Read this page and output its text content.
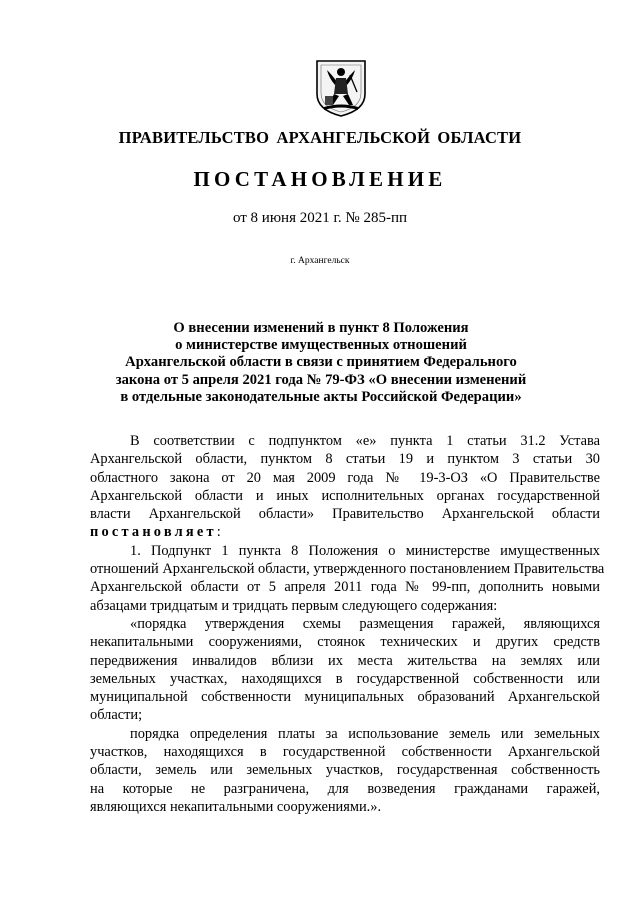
ПРАВИТЕЛЬСТВО АРХАНГЕЛЬСКОЙ ОБЛАСТИ
ПОСТАНОВЛЕНИЕ
от 8 июня 2021 г. № 285-пп
г. Архангельск
О внесении изменений в пункт 8 Положения
о министерстве имущественных отношений
Архангельской области в связи с принятием Федерального
закона от 5 апреля 2021 года № 79-ФЗ «О внесении изменений
в отдельные законодательные акты Российской Федерации»
В соответствии с подпунктом «е» пункта 1 статьи 31.2 Устава
Архангельской области, пунктом 8 статьи 19 и пунктом 3 статьи 30
областного закона от 20 мая 2009 года № 19-3-ОЗ «О Правительстве
Архангельской области и иных исполнительных органах государственной
власти Архангельской области» Правительство Архангельской области
постановляет:
1. Подпункт 1 пункта 8 Положения о министерстве имущественных
отношений Архангельской области, утвержденного постановлением Правительства
Архангельской области от 5 апреля 2011 года № 99-пп, дополнить новыми
абзацами тридцатым и тридцать первым следующего содержания:
«порядка утверждения схемы размещения гаражей, являющихся
некапитальными сооружениями, стоянок технических и других средств
передвижения инвалидов вблизи их места жительства на землях или
земельных участках, находящихся в государственной собственности или
муниципальной собственности муниципальных образований Архангельской
области;
порядка определения платы за использование земель или земельных
участков, находящихся в государственной собственности Архангельской
области, земель или земельных участков, государственная собственность
на которые не разграничена, для возведения гражданами гаражей,
являющихся некапитальными сооружениями.».
